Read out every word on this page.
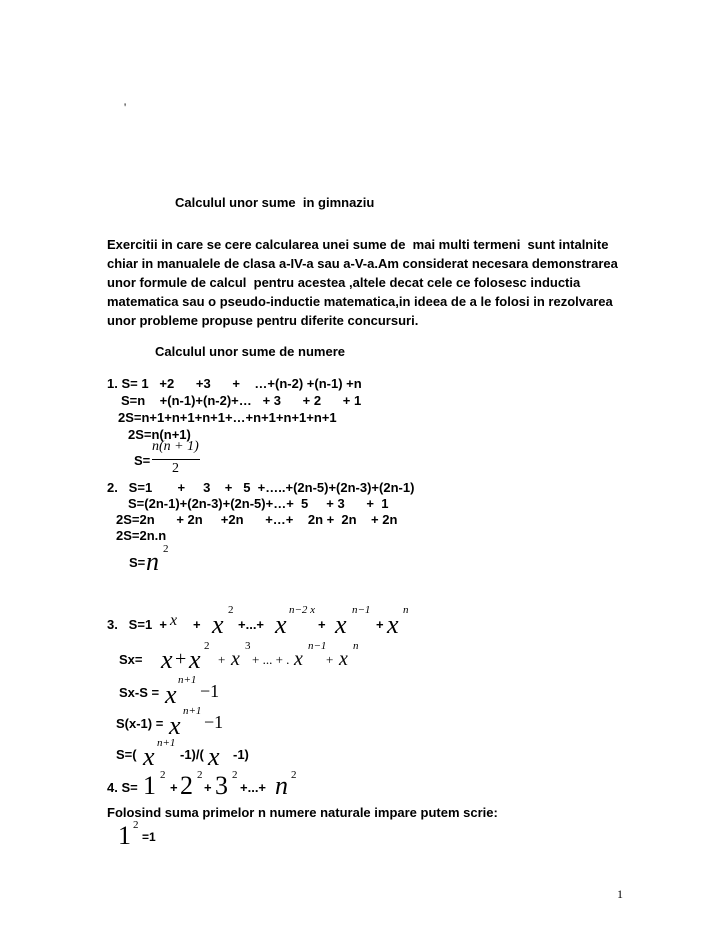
'
Calculul unor sume  in gimnaziu
Exercitii in care se cere calcularea unei sume de  mai multi termeni  sunt intalnite
chiar in manualele de clasa a-IV-a sau a-V-a.Am considerat necesara demonstrarea
unor formule de calcul  pentru acestea ,altele decat cele ce folosesc inductia
matematica sau o pseudo-inductie matematica,in ideea de a le folosi in rezolvarea
unor probleme propuse pentru diferite concursuri.
Calculul unor sume de numere
1. S= 1   +2      +3      +    …+(n-2) +(n-1) +n
S=n    +(n-1)+(n-2)+…   + 3      + 2      + 1
2S=n+1+n+1+n+1+…+n+1+n+1+n+1
2S=n(n+1)
S=
n(n + 1)
2
2.   S=1       +     3    +   5  +…..+(2n-5)+(2n-3)+(2n-1)
S=(2n-1)+(2n-3)+(2n-5)+…+  5     + 3      +  1
2S=2n      + 2n     +2n      +…+    2n +  2n    + 2n
2S=2n.n
S= n 2
3.   S=1  + x + x 2
+...+ x n−2 x
+ x n−1
+ x n
Sx= x + x 2
+ x
3
+ ... + . x
n−1
+ x
n
Sx-S = x n+1
−1
S(x-1) = x n+1
−1
S=( x n+1
-1)/( x -1)
4. S= 1 2
+ 2 2
+ 3 2
+...+ n 2
Folosind suma primelor n numere naturale impare putem scrie:
1 2
=1
1
